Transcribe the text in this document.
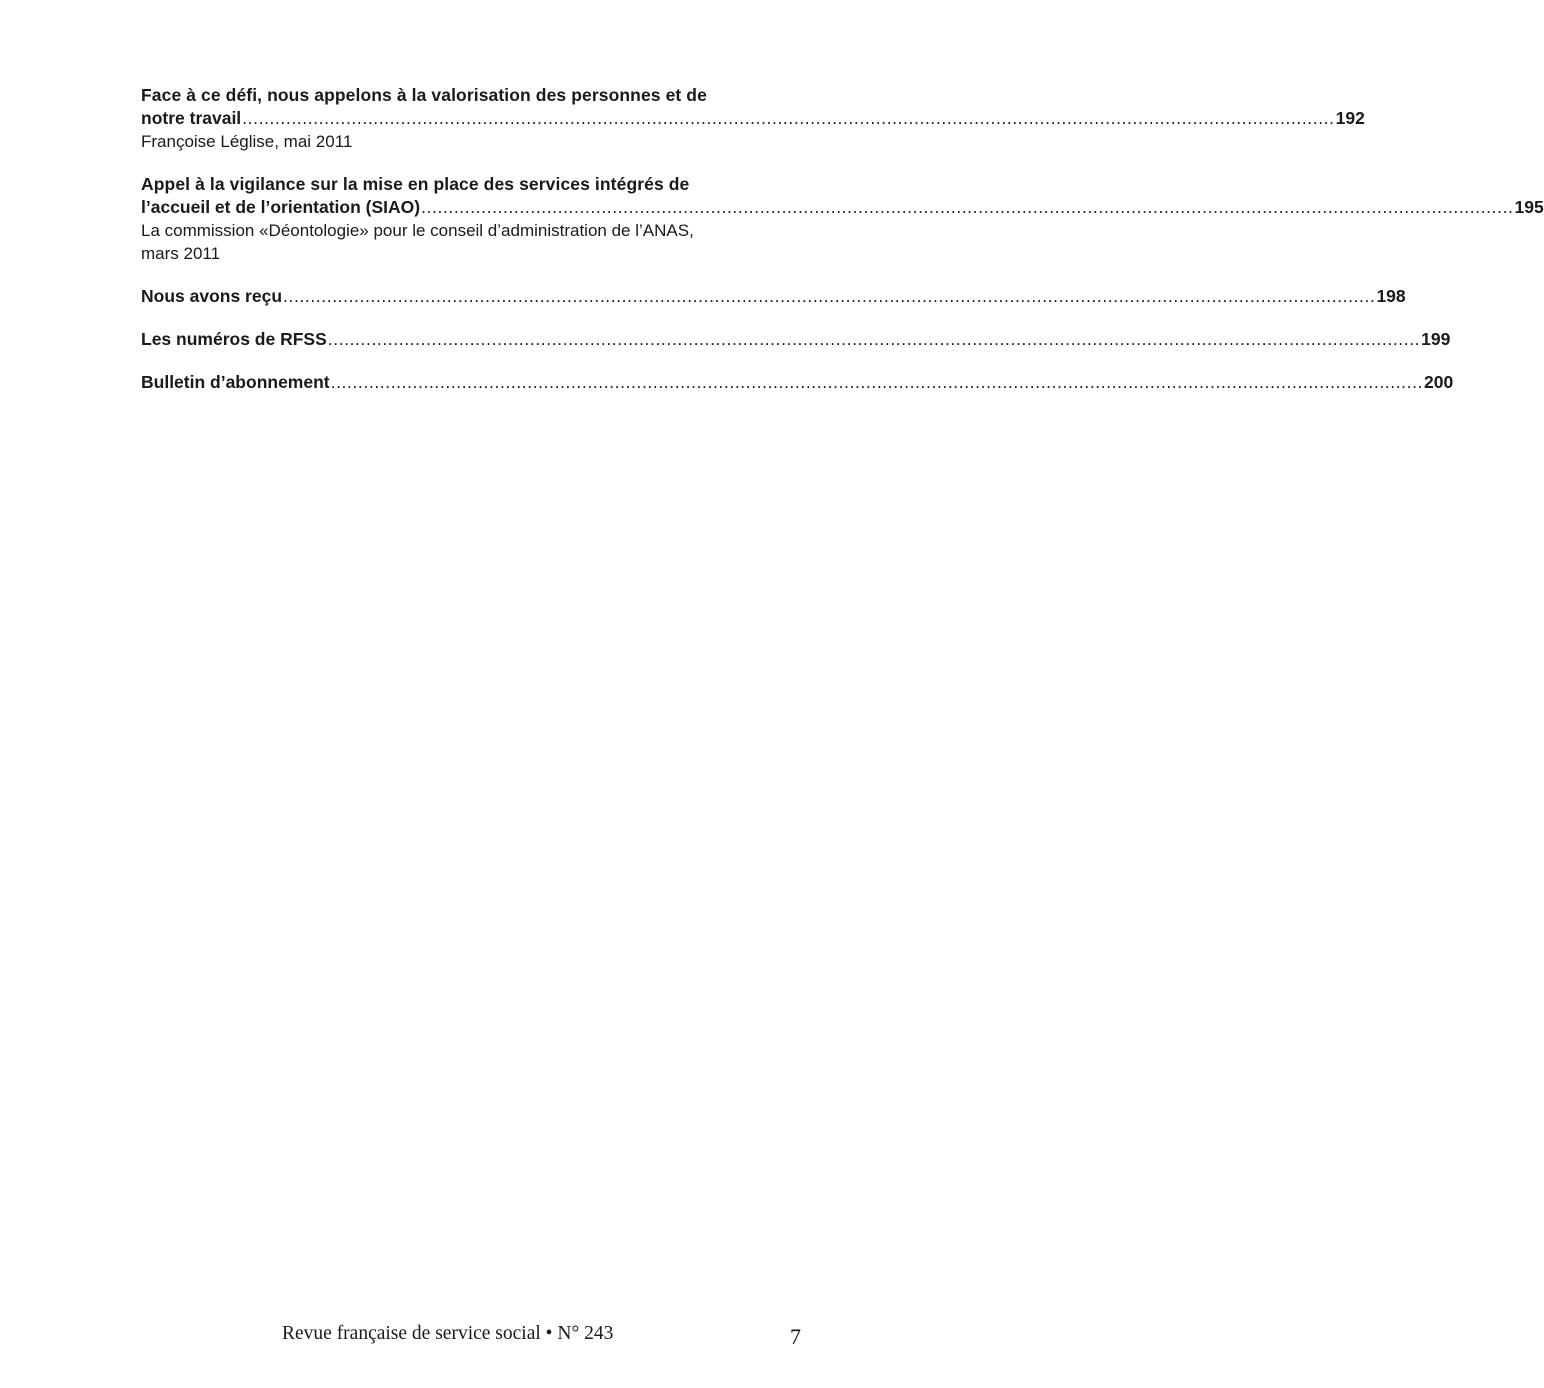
Face à ce défi, nous appelons à la valorisation des personnes et de
notre travail ........................................................................................................................................................................................................ 192
Françoise Léglise, mai 2011
Appel à la vigilance sur la mise en place des services intégrés de
l’accueil et de l’orientation (SIAO) ........................................................................................................................................................................................................ 195
La commission «Déontologie» pour le conseil d’administration de l’ANAS,
mars 2011
Nous avons reçu ........................................................................................................................................................................................................ 198
Les numéros de RFSS ........................................................................................................................................................................................................ 199
Bulletin d’abonnement ........................................................................................................................................................................................................ 200
Revue française de service social • N° 243	7
